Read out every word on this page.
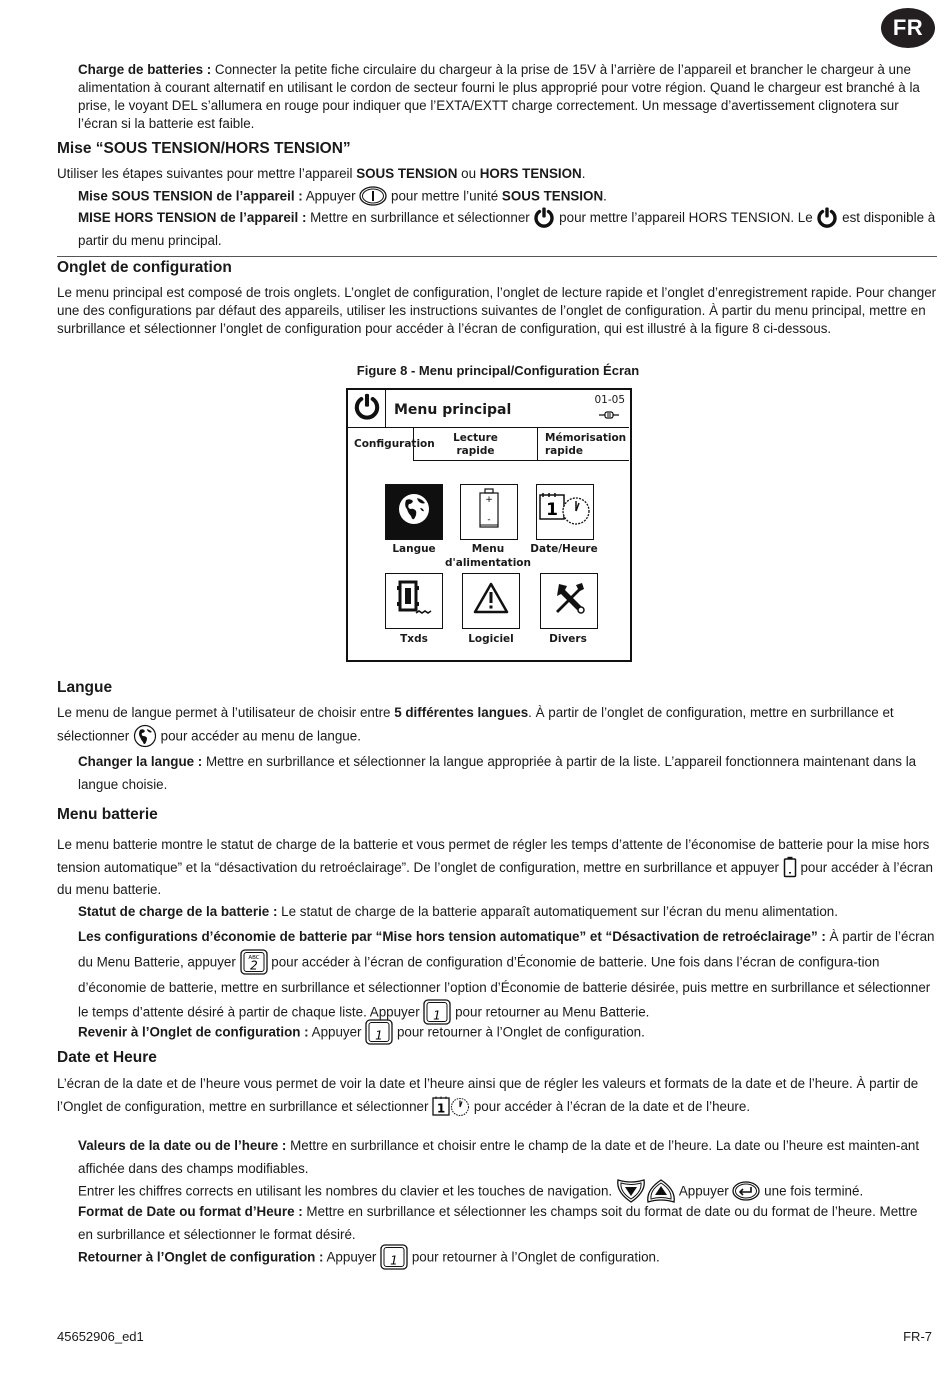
FR
Charge de batteries : Connecter la petite fiche circulaire du chargeur à la prise de 15V à l’arrière de l’appareil et brancher le chargeur à une alimentation à courant alternatif en utilisant le cordon de secteur fourni le plus approprié pour votre région. Quand le chargeur est branché à la prise, le voyant DEL s’allumera en rouge pour indiquer que l’EXTA/EXTT charge correctement. Un message d’avertissement clignotera sur l’écran si la batterie est faible.
Mise “SOUS TENSION/HORS TENSION”
Utiliser les étapes suivantes pour mettre l’appareil SOUS TENSION ou HORS TENSION.
Mise SOUS TENSION de l’appareil : Appuyer
pour mettre l’unité SOUS TENSION.
MISE HORS TENSION de l’appareil : Mettre en surbrillance et sélectionner
pour mettre l’appareil HORS TENSION. Le
est disponible à partir du menu principal.
Onglet de configuration
Le menu principal est composé de trois onglets. L’onglet de configuration, l’onglet de lecture rapide et l’onglet d’enregistrement rapide. Pour changer une des configurations par défaut des appareils, utiliser les instructions suivantes de l’onglet de configuration. À partir du menu principal, mettre en surbrillance et sélectionner l’onglet de configuration pour accéder à l’écran de configuration, qui est illustré à la figure 8 ci-dessous.
Figure 8 - Menu principal/Configuration Écran
Menu principal
01-05
Configuration	Lecture
rapide
Mémorisation
rapide
+
-	1
Langue	Menu
d'alimentation
Date/Heure
Txds	Logiciel	Divers
Langue
Le menu de langue permet à l’utilisateur de choisir entre 5 différentes langues. À partir de l’onglet de configuration, mettre en surbrillance et sélectionner
pour accéder au menu de langue.
Changer la langue : Mettre en surbrillance et sélectionner la langue appropriée à partir de la liste. L’appareil fonctionnera maintenant dans la langue choisie.
Menu batterie
Le menu batterie montre le statut de charge de la batterie et vous permet de régler les temps d’attente de l’économise de batterie pour la mise hors tension automatique” et la “désactivation du retroéclairage”. De l’onglet de configuration, mettre en surbrillance et appuyer
pour accéder à l’écran du menu batterie.
Statut de charge de la batterie : Le statut de charge de la batterie apparaît automatiquement sur l’écran du menu alimentation.
Les configurations d’économie de batterie par “Mise hors tension automatique” et “Désactivation de retroéclairage” : À partir de l’écran du Menu Batterie, appuyer ABC
2 pour accéder à l’écran de configuration d’Économie de batterie. Une fois dans l’écran de configura-tion d’économie de batterie, mettre en surbrillance et sélectionner l’option d’Économie de batterie désirée, puis mettre en surbrillance et sélectionner le temps d’attente désiré à partir de chaque liste. Appuyer 1 pour retourner au Menu Batterie.
Revenir à l’Onglet de configuration : Appuyer 1 pour retourner à l’Onglet de configuration.
Date et Heure
L’écran de la date et de l’heure vous permet de voir la date et l’heure ainsi que de régler les valeurs et formats de la date et de l’heure. À partir de l’Onglet de configuration, mettre en surbrillance et sélectionner 1 pour accéder à l’écran de la date et de l’heure.
Valeurs de la date ou de l’heure : Mettre en surbrillance et choisir entre le champ de la date et de l’heure. La date ou l’heure est mainten-ant affichée dans des champs modifiables.
Entrer les chiffres corrects en utilisant les nombres du clavier et les touches de navigation.	Appuyer
une fois terminé.
Format de Date ou format d’Heure : Mettre en surbrillance et sélectionner les champs soit du format de date ou du format de l’heure. Mettre en surbrillance et sélectionner le format désiré.
Retourner à l’Onglet de configuration : Appuyer 1 pour retourner à l’Onglet de configuration.
45652906_ed1	FR-7
